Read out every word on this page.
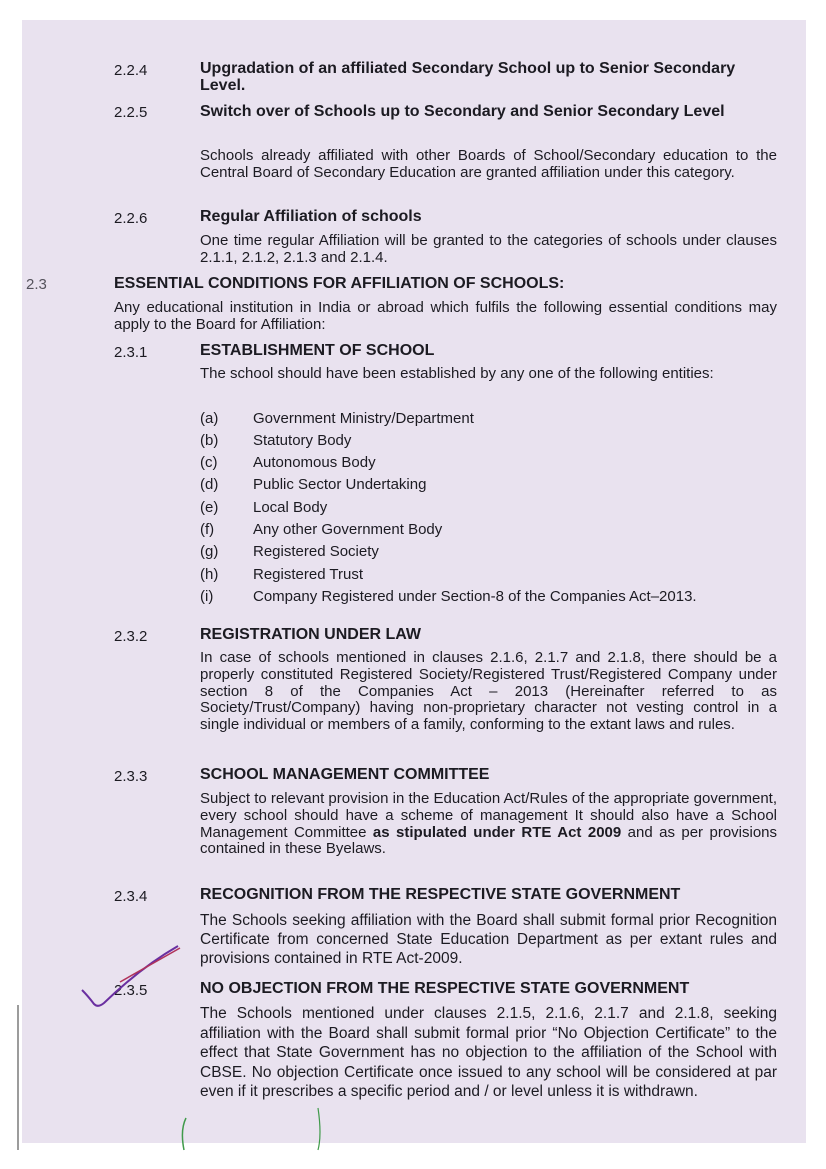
2.2.4	Upgradation of an affiliated Secondary School up to Senior Secondary Level.
2.2.5	Switch over of Schools up to Secondary and Senior Secondary Level
Schools already affiliated with other Boards of School/Secondary education to the Central Board of Secondary Education are granted affiliation under this category.
2.2.6	Regular Affiliation of schools
One time regular Affiliation will be granted to the categories of schools under clauses 2.1.1, 2.1.2, 2.1.3 and 2.1.4.
2.3	ESSENTIAL CONDITIONS FOR AFFILIATION OF SCHOOLS:
Any educational institution in India or abroad which fulfils the following essential conditions may apply to the Board for Affiliation:
2.3.1	ESTABLISHMENT OF SCHOOL
The school should have been established by any one of the following entities:
(a) Government Ministry/Department
(b) Statutory Body
(c) Autonomous Body
(d) Public Sector Undertaking
(e) Local Body
(f)	Any other Government Body
(g) Registered Society
(h) Registered Trust
(i)	Company Registered under Section-8 of the Companies Act–2013.
2.3.2	REGISTRATION UNDER LAW
In case of schools mentioned in clauses 2.1.6, 2.1.7 and 2.1.8, there should be a properly constituted Registered Society/Registered Trust/Registered Company under section 8 of the Companies Act – 2013 (Hereinafter referred to as Society/Trust/Company) having non-proprietary character not vesting control in a single individual or members of a family, conforming to the extant laws and rules.
2.3.3	SCHOOL MANAGEMENT COMMITTEE
Subject to relevant provision in the Education Act/Rules of the appropriate government, every school should have a scheme of management It should also have a School Management Committee as stipulated under RTE Act 2009 and as per provisions contained in these Byelaws.
2.3.4	RECOGNITION FROM THE RESPECTIVE STATE GOVERNMENT
The Schools seeking affiliation with the Board shall submit formal prior Recognition Certificate from concerned State Education Department as per extant rules and provisions contained in RTE Act-2009.
2.3.5	NO OBJECTION FROM THE RESPECTIVE STATE GOVERNMENT
The Schools mentioned under clauses 2.1.5, 2.1.6, 2.1.7 and 2.1.8, seeking affiliation with the Board shall submit formal prior “No Objection Certificate” to the effect that State Government has no objection to the affiliation of the School with CBSE. No objection Certificate once issued to any school will be considered at par even if it prescribes a specific period and / or level unless it is withdrawn.
